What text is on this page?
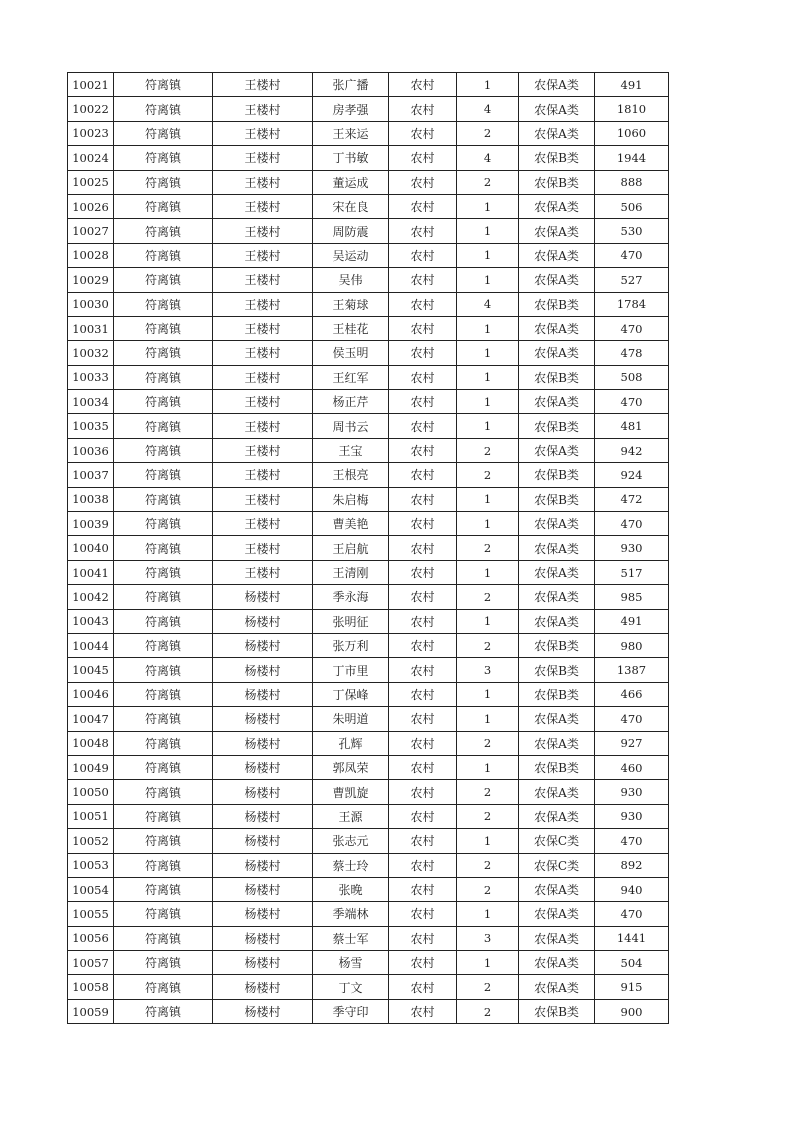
10021	符离镇	王楼村	张广播	农村	1	农保A类	491
10022	符离镇	王楼村	房孝强	农村	4	农保A类	1810
10023	符离镇	王楼村	王来运	农村	2	农保A类	1060
10024	符离镇	王楼村	丁书敏	农村	4	农保B类	1944
10025	符离镇	王楼村	董运成	农村	2	农保B类	888
10026	符离镇	王楼村	宋在良	农村	1	农保A类	506
10027	符离镇	王楼村	周防震	农村	1	农保A类	530
10028	符离镇	王楼村	吴运动	农村	1	农保A类	470
10029	符离镇	王楼村	吴伟	农村	1	农保A类	527
10030	符离镇	王楼村	王菊球	农村	4	农保B类	1784
10031	符离镇	王楼村	王桂花	农村	1	农保A类	470
10032	符离镇	王楼村	侯玉明	农村	1	农保A类	478
10033	符离镇	王楼村	王红军	农村	1	农保B类	508
10034	符离镇	王楼村	杨正芹	农村	1	农保A类	470
10035	符离镇	王楼村	周书云	农村	1	农保B类	481
10036	符离镇	王楼村	王宝	农村	2	农保A类	942
10037	符离镇	王楼村	王根亮	农村	2	农保B类	924
10038	符离镇	王楼村	朱启梅	农村	1	农保B类	472
10039	符离镇	王楼村	曹美艳	农村	1	农保A类	470
10040	符离镇	王楼村	王启航	农村	2	农保A类	930
10041	符离镇	王楼村	王清刚	农村	1	农保A类	517
10042	符离镇	杨楼村	季永海	农村	2	农保A类	985
10043	符离镇	杨楼村	张明征	农村	1	农保A类	491
10044	符离镇	杨楼村	张万利	农村	2	农保B类	980
10045	符离镇	杨楼村	丁市里	农村	3	农保B类	1387
10046	符离镇	杨楼村	丁保峰	农村	1	农保B类	466
10047	符离镇	杨楼村	朱明道	农村	1	农保A类	470
10048	符离镇	杨楼村	孔辉	农村	2	农保A类	927
10049	符离镇	杨楼村	郭凤荣	农村	1	农保B类	460
10050	符离镇	杨楼村	曹凯旋	农村	2	农保A类	930
10051	符离镇	杨楼村	王源	农村	2	农保A类	930
10052	符离镇	杨楼村	张志元	农村	1	农保C类	470
10053	符离镇	杨楼村	蔡士玲	农村	2	农保C类	892
10054	符离镇	杨楼村	张晚	农村	2	农保A类	940
10055	符离镇	杨楼村	季端林	农村	1	农保A类	470
10056	符离镇	杨楼村	蔡士军	农村	3	农保A类	1441
10057	符离镇	杨楼村	杨雪	农村	1	农保A类	504
10058	符离镇	杨楼村	丁文	农村	2	农保A类	915
10059	符离镇	杨楼村	季守印	农村	2	农保B类	900
